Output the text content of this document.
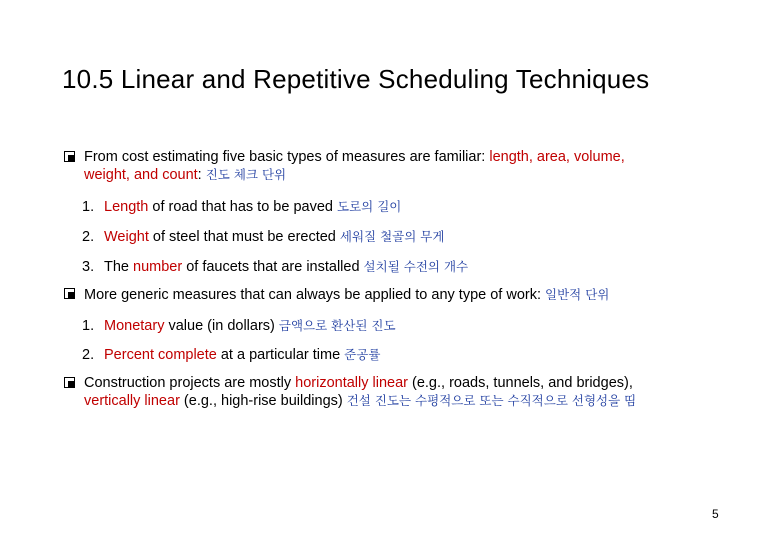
10.5 Linear and Repetitive Scheduling Techniques
From cost estimating five basic types of measures are familiar: length, area, volume,
weight, and count: 진도 체크 단위
1. Length of road that has to be paved 도로의 길이
2. Weight of steel that must be erected 세워질 철골의 무게
3. The number of faucets that are installed 설치될 수전의 개수
More generic measures that can always be applied to any type of work: 일반적 단위
1. Monetary value (in dollars) 금액으로 환산된 진도
2. Percent complete at a particular time 준공률
Construction projects are mostly horizontally linear (e.g., roads, tunnels, and bridges),
vertically linear (e.g., high-rise buildings) 건설 진도는 수평적으로 또는 수직적으로 선형성을 띰
5
